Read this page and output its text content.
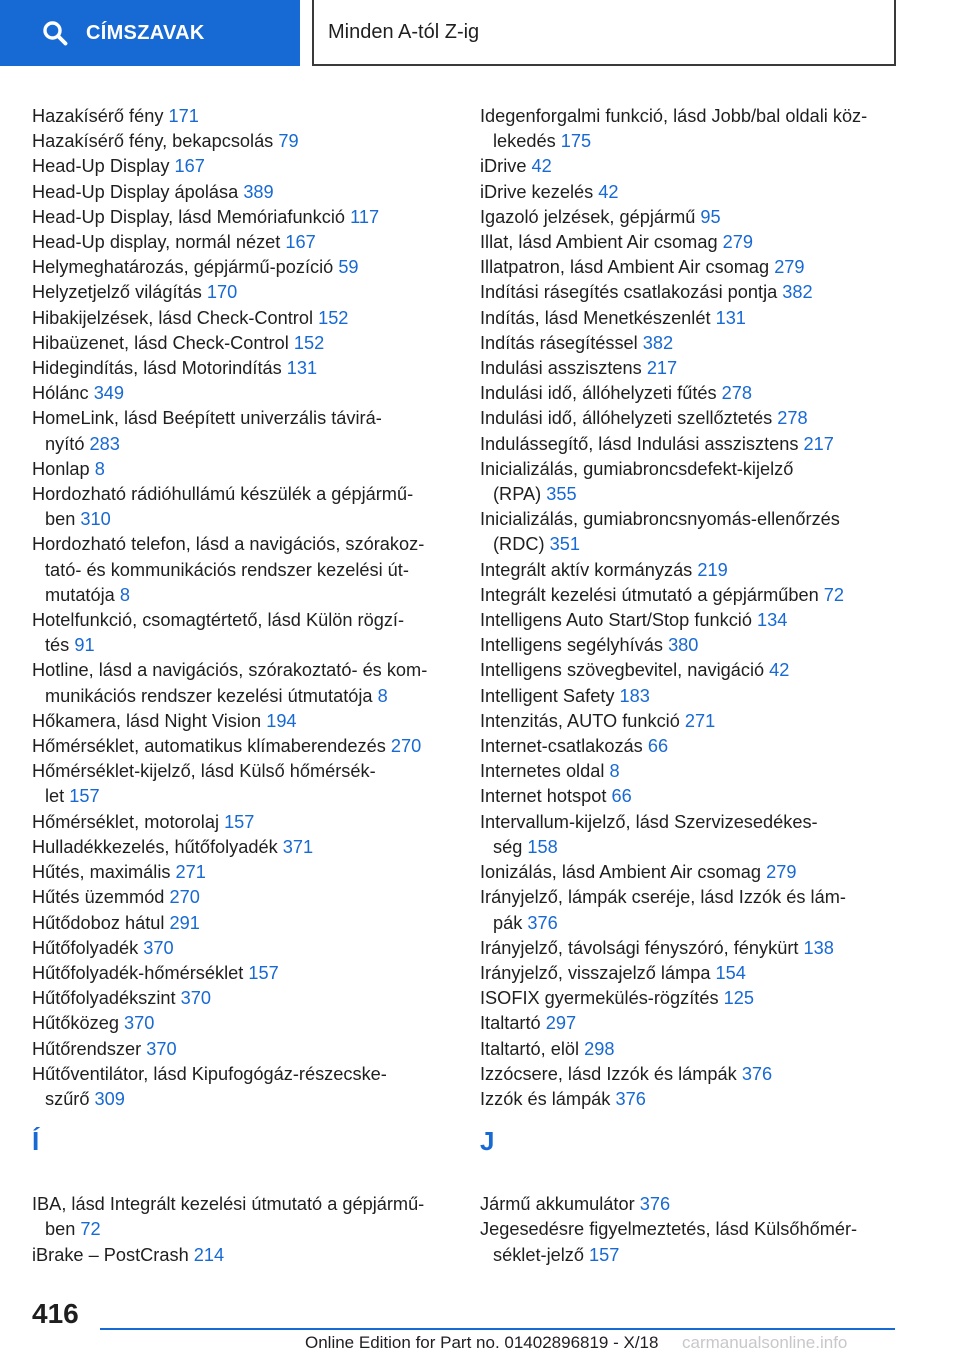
CÍMSZAVAK	Minden A-tól Z-ig
Hazakísérő fény 171
Hazakísérő fény, bekapcsolás 79
Head-Up Display 167
Head-Up Display ápolása 389
Head-Up Display, lásd Memóriafunkció 117
Head-Up display, normál nézet 167
Helymeghatározás, gépjármű-pozíció 59
Helyzetjelző világítás 170
Hibakijelzések, lásd Check-Control 152
Hibaüzenet, lásd Check-Control 152
Hidegindítás, lásd Motorindítás 131
Hólánc 349
HomeLink, lásd Beépített univerzális távirá-
nyító 283
Honlap 8
Hordozható rádióhullámú készülék a gépjármű-
ben 310
Hordozható telefon, lásd a navigációs, szórakoz-
tató- és kommunikációs rendszer kezelési út-
mutatója 8
Hotelfunkció, csomagtértető, lásd Külön rögzí-
tés 91
Hotline, lásd a navigációs, szórakoztató- és kom-
munikációs rendszer kezelési útmutatója 8
Hőkamera, lásd Night Vision 194
Hőmérséklet, automatikus klímaberendezés 270
Hőmérséklet-kijelző, lásd Külső hőmérsék-
let 157
Hőmérséklet, motorolaj 157
Hulladékkezelés, hűtőfolyadék 371
Hűtés, maximális 271
Hűtés üzemmód 270
Hűtődoboz hátul 291
Hűtőfolyadék 370
Hűtőfolyadék-hőmérséklet 157
Hűtőfolyadékszint 370
Hűtőközeg 370
Hűtőrendszer 370
Hűtőventilátor, lásd Kipufogógáz-részecske-
szűrő 309
Í
IBA, lásd Integrált kezelési útmutató a gépjármű-
ben 72
iBrake – PostCrash 214
Idegenforgalmi funkció, lásd Jobb/bal oldali köz-
lekedés 175
iDrive 42
iDrive kezelés 42
Igazoló jelzések, gépjármű 95
Illat, lásd Ambient Air csomag 279
Illatpatron, lásd Ambient Air csomag 279
Indítási rásegítés csatlakozási pontja 382
Indítás, lásd Menetkészenlét 131
Indítás rásegítéssel 382
Indulási asszisztens 217
Indulási idő, állóhelyzeti fűtés 278
Indulási idő, állóhelyzeti szellőztetés 278
Indulássegítő, lásd Indulási asszisztens 217
Inicializálás, gumiabroncsdefekt-kijelző
(RPA) 355
Inicializálás, gumiabroncsnyomás-ellenőrzés
(RDC) 351
Integrált aktív kormányzás 219
Integrált kezelési útmutató a gépjárműben 72
Intelligens Auto Start/Stop funkció 134
Intelligens segélyhívás 380
Intelligens szövegbevitel, navigáció 42
Intelligent Safety 183
Intenzitás, AUTO funkció 271
Internet-csatlakozás 66
Internetes oldal 8
Internet hotspot 66
Intervallum-kijelző, lásd Szervizesedékes-
ség 158
Ionizálás, lásd Ambient Air csomag 279
Irányjelző, lámpák cseréje, lásd Izzók és lám-
pák 376
Irányjelző, távolsági fényszóró, fénykürt 138
Irányjelző, visszajelző lámpa 154
ISOFIX gyermekülés-rögzítés 125
Italtartó 297
Italtartó, elöl 298
Izzócsere, lásd Izzók és lámpák 376
Izzók és lámpák 376
J
Jármű akkumulátor 376
Jegesedésre figyelmeztetés, lásd Külsőhőmér-
séklet-jelző 157
416
Online Edition for Part no. 01402896819 - X/18 carmanualsonline.info
